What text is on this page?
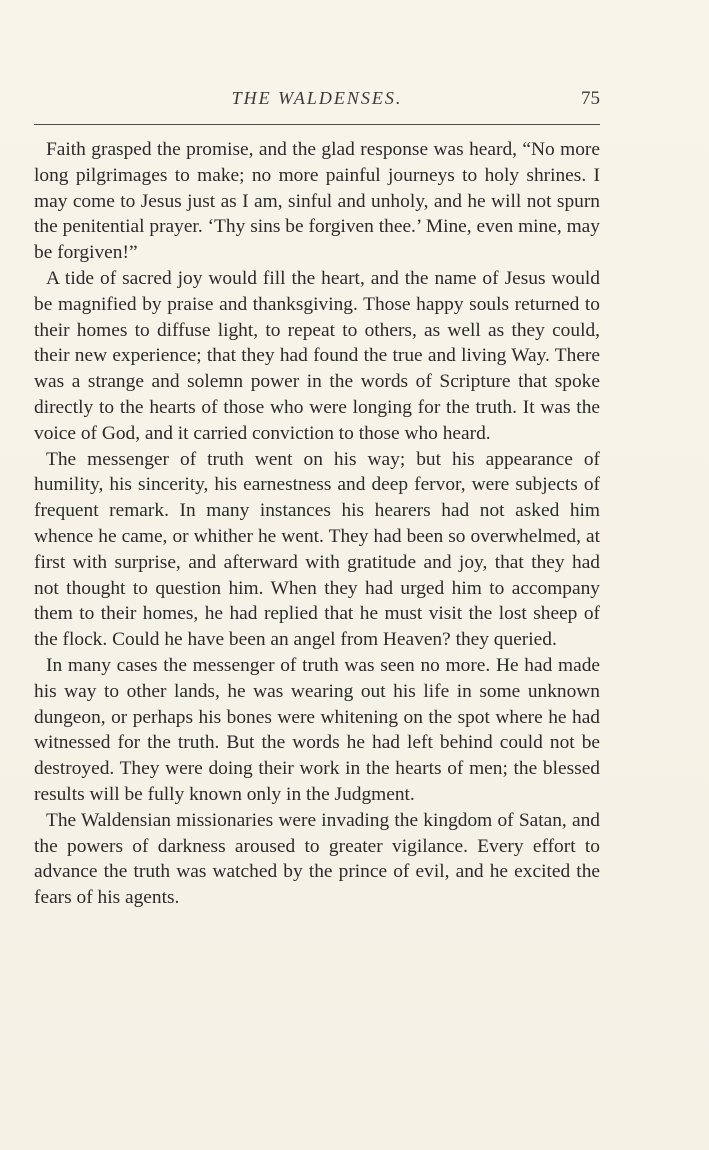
THE WALDENSES.	75

Faith grasped the promise, and the glad response was heard, “No more long pilgrimages to make; no more painful journeys to holy shrines. I may come to Jesus just as I am, sinful and unholy, and he will not spurn the penitential prayer. ‘Thy sins be forgiven thee.’ Mine, even mine, may be forgiven!”

A tide of sacred joy would fill the heart, and the name of Jesus would be magnified by praise and thanksgiving. Those happy souls returned to their homes to diffuse light, to repeat to others, as well as they could, their new experience; that they had found the true and living Way. There was a strange and solemn power in the words of Scripture that spoke directly to the hearts of those who were longing for the truth. It was the voice of God, and it carried conviction to those who heard.

The messenger of truth went on his way; but his appearance of humility, his sincerity, his earnestness and deep fervor, were subjects of frequent remark. In many instances his hearers had not asked him whence he came, or whither he went. They had been so overwhelmed, at first with surprise, and afterward with gratitude and joy, that they had not thought to question him. When they had urged him to accompany them to their homes, he had replied that he must visit the lost sheep of the flock. Could he have been an angel from Heaven? they queried.

In many cases the messenger of truth was seen no more. He had made his way to other lands, he was wearing out his life in some unknown dungeon, or perhaps his bones were whitening on the spot where he had witnessed for the truth. But the words he had left behind could not be destroyed. They were doing their work in the hearts of men; the blessed results will be fully known only in the Judgment.

The Waldensian missionaries were invading the kingdom of Satan, and the powers of darkness aroused to greater vigilance. Every effort to advance the truth was watched by the prince of evil, and he excited the fears of his agents.
